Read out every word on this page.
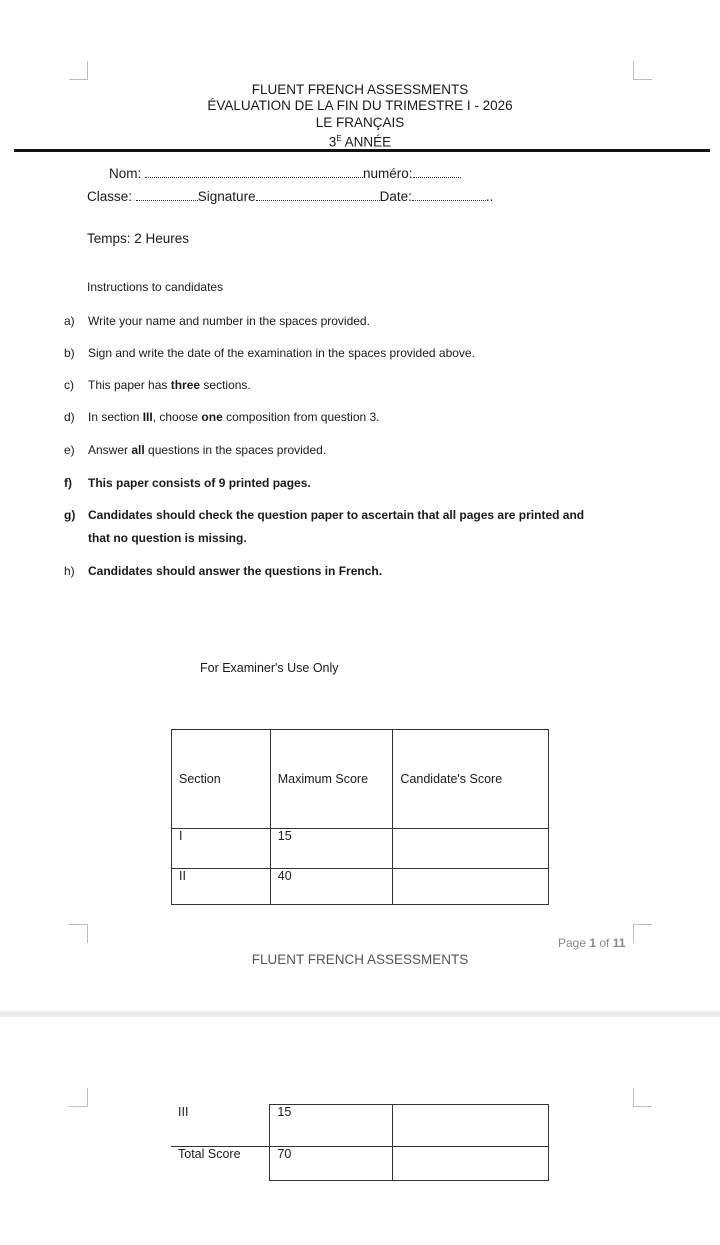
FLUENT FRENCH ASSESSMENTS
ÉVALUATION DE LA FIN DU TRIMESTRE I - 2026
LE FRANÇAIS
$3^E$ ANNÉE
Nom:	numéro:
Classe:	Signature	Date:	..
Temps: 2 Heures
Instructions to candidates
a) Write your name and number in the spaces provided.
b) Sign and write the date of the examination in the spaces provided above.
c) This paper has three sections.
d) In section III, choose one composition from question 3.
e) Answer all questions in the spaces provided.
f) This paper consists of 9 printed pages.
g) Candidates should check the question paper to ascertain that all pages are printed and
that no question is missing.
h) Candidates should answer the questions in French.
For Examiner's Use Only
Section	Maximum Score	Candidate's Score
I	15	
II	40	
Page 1 of 11
FLUENT FRENCH ASSESSMENTS
III	15	
Total Score	70	
